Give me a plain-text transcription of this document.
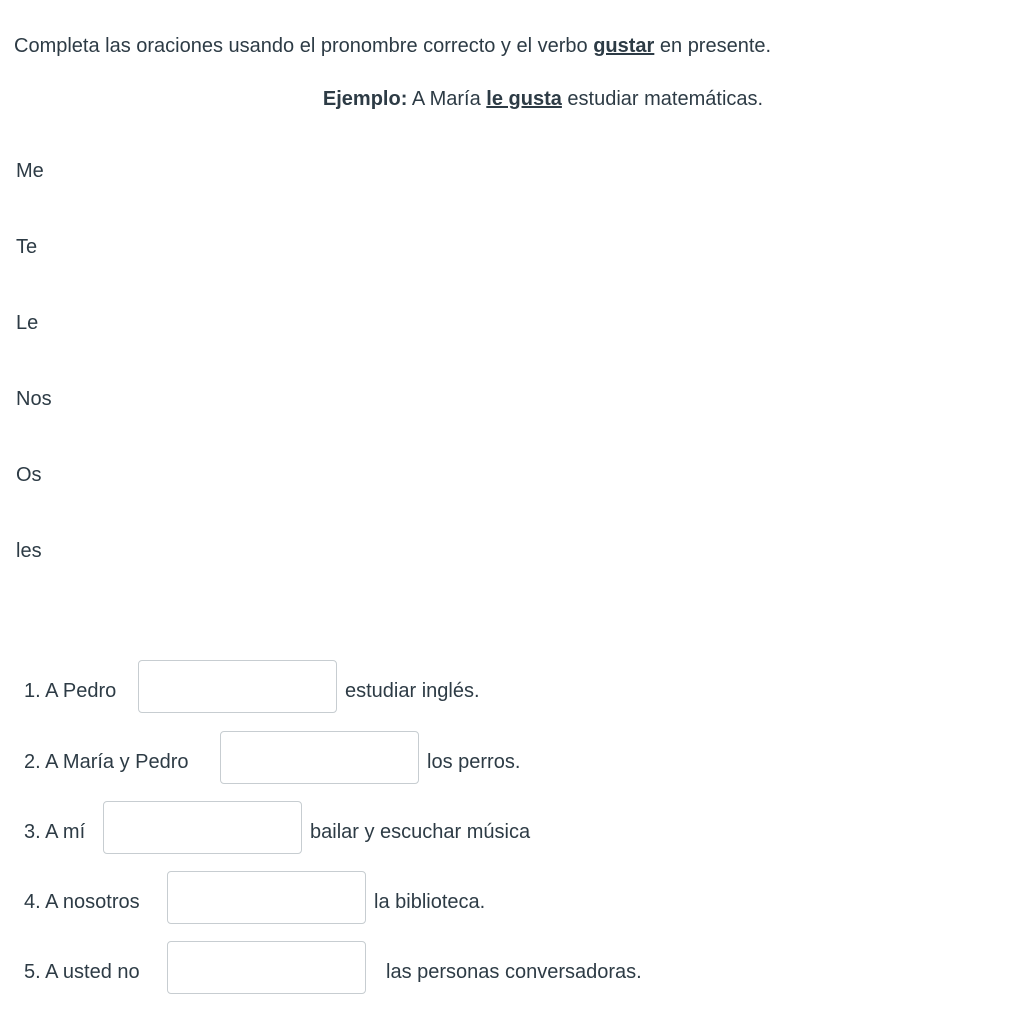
Completa las oraciones usando el pronombre correcto y el verbo gustar en presente.
Ejemplo: A María le gusta estudiar matemáticas.
Me
Te
Le
Nos
Os
les
1. A Pedro	estudiar inglés.
2. A María y Pedro	los perros.
3. A mí	bailar y escuchar música
4. A nosotros	la biblioteca.
5. A usted no	las personas conversadoras.
